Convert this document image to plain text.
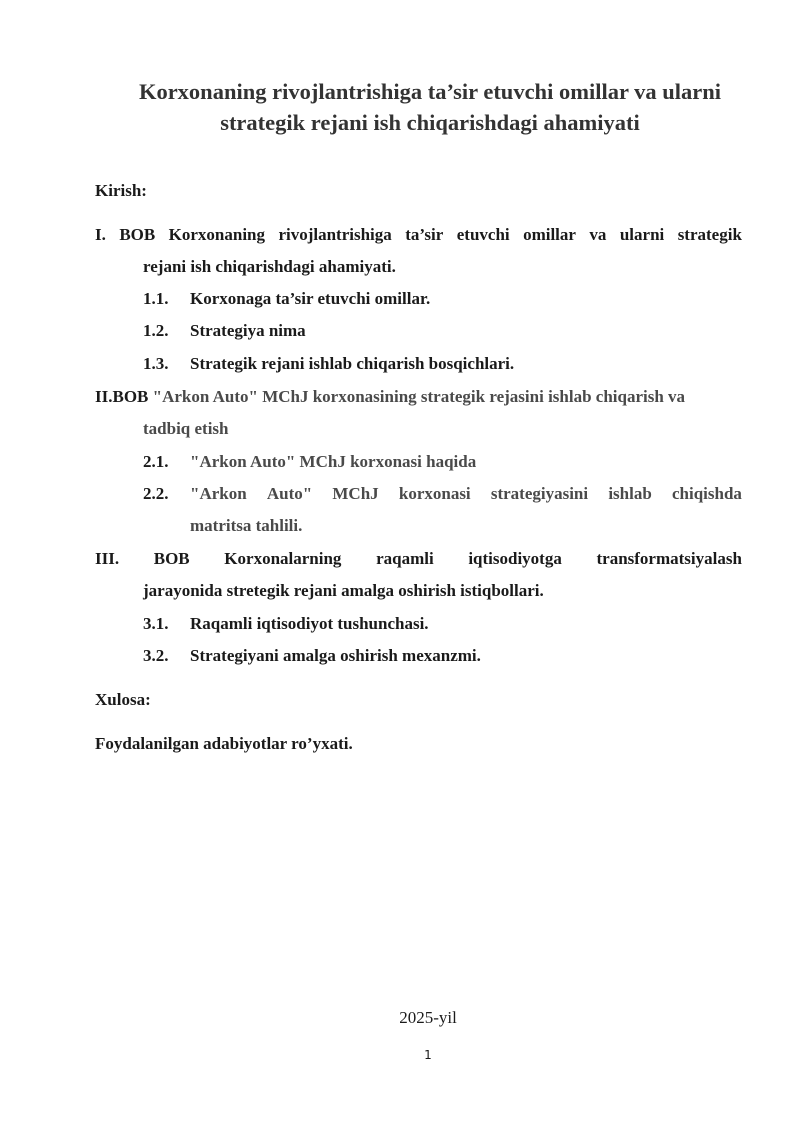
Korxonaning rivojlantrishiga ta’sir etuvchi omillar va ularni
strategik rejani ish chiqarishdagi ahamiyati
Kirish:
I. BOB Korxonaning rivojlantrishiga ta’sir etuvchi omillar va ularni strategik
rejani ish chiqarishdagi ahamiyati.
1.1. Korxonaga ta’sir etuvchi omillar.
1.2. Strategiya nima
1.3. Strategik rejani ishlab chiqarish bosqichlari.
II.BOB "Arkon Auto" MChJ korxonasining strategik rejasini ishlab chiqarish va
tadbiq etish
2.1. "Arkon Auto" MChJ korxonasi haqida
2.2. "Arkon Auto" MChJ korxonasi strategiyasini ishlab chiqishda
matritsa tahlili.
III. BOB Korxonalarning raqamli iqtisodiyotga transformatsiyalash
jarayonida stretegik rejani amalga oshirish istiqbollari.
3.1. Raqamli iqtisodiyot tushunchasi.
3.2. Strategiyani amalga oshirish mexanzmi.
Xulosa:
Foydalanilgan adabiyotlar ro’yxati.
2025-yil
1
